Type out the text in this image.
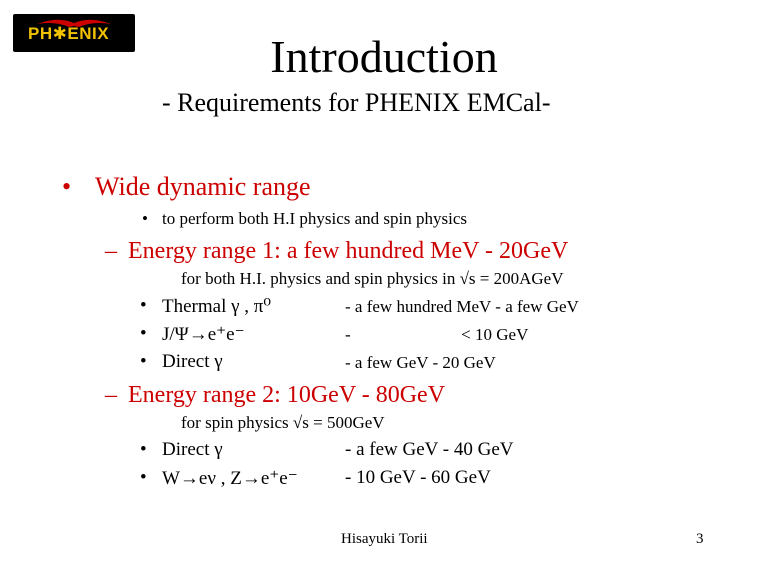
PH✱ENIX	Introduction
- Requirements for PHENIX EMCal-
• Wide dynamic range
• to perform both H.I physics and spin physics
– Energy range 1: a few hundred MeV - 20GeV
for both H.I. physics and spin physics in √s = 200AGeV
• Thermal γ , π⁰	- a few hundred MeV - a few GeV
• J/Ψ→e⁺e⁻	-                          < 10 GeV
• Direct γ	- a few GeV - 20 GeV
– Energy range 2: 10GeV - 80GeV
for spin physics √s = 500GeV
• Direct γ	- a few GeV - 40 GeV
• W→eν , Z→e⁺e⁻ - 10 GeV - 60 GeV
Hisayuki Torii	3
